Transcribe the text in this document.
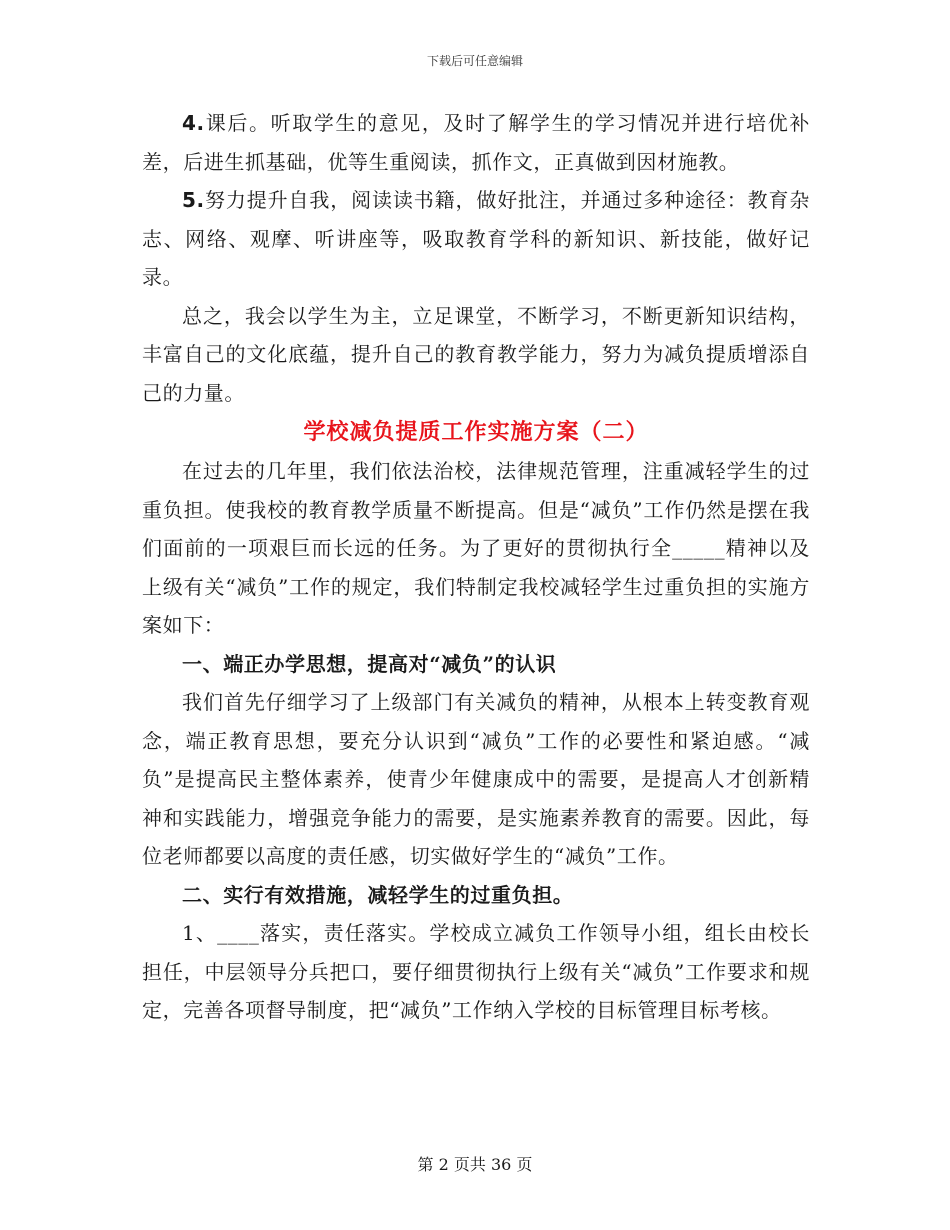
下载后可任意编辑

4.课后。听取学生的意见，及时了解学生的学习情况并进行培优补差，后进生抓基础，优等生重阅读，抓作文，正真做到因材施教。

5.努力提升自我，阅读读书籍，做好批注，并通过多种途径：教育杂志、网络、观摩、听讲座等，吸取教育学科的新知识、新技能，做好记录。

总之，我会以学生为主，立足课堂，不断学习，不断更新知识结构，丰富自己的文化底蕴，提升自己的教育教学能力，努力为减负提质增添自己的力量。

学校减负提质工作实施方案（二）

在过去的几年里，我们依法治校，法律规范管理，注重减轻学生的过重负担。使我校的教育教学质量不断提高。但是“减负”工作仍然是摆在我们面前的一项艰巨而长远的任务。为了更好的贯彻执行全_____精神以及上级有关“减负”工作的规定，我们特制定我校减轻学生过重负担的实施方案如下：

一、端正办学思想，提高对“减负”的认识

我们首先仔细学习了上级部门有关减负的精神，从根本上转变教育观念，端正教育思想，要充分认识到“减负”工作的必要性和紧迫感。“减负”是提高民主整体素养，使青少年健康成中的需要，是提高人才创新精神和实践能力，增强竞争能力的需要，是实施素养教育的需要。因此，每位老师都要以高度的责任感，切实做好学生的“减负”工作。

二、实行有效措施，减轻学生的过重负担。

1、____落实，责任落实。学校成立减负工作领导小组，组长由校长担任，中层领导分兵把口，要仔细贯彻执行上级有关“减负”工作要求和规定，完善各项督导制度，把“减负”工作纳入学校的目标管理目标考核。

第 2 页共 36 页
